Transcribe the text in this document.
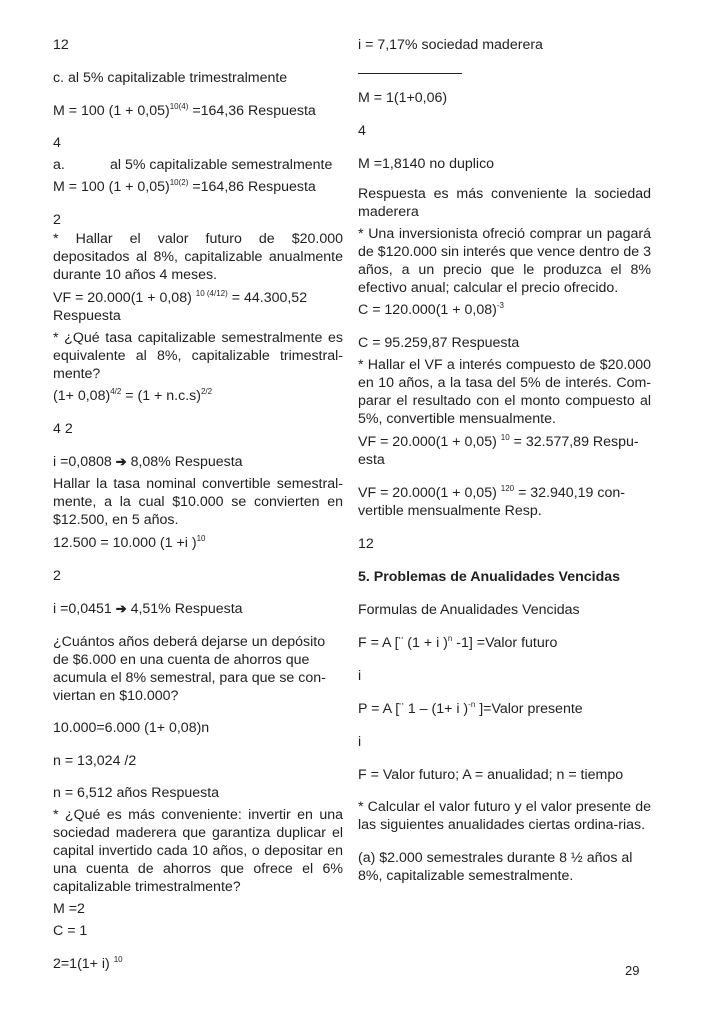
12

c. al 5% capitalizable trimestralmente

M = 100 $(1 + 0,05)^{10(4)} =164,36$ Respuesta

4

a.	al 5% capitalizable semestralmente

M = 100 $(1 + 0,05)^{10(2)} =164,86$ Respuesta

2

* Hallar el valor futuro de $20.000 depositados al 8%, capitalizable anualmente durante 10 años 4 meses.

VF = 20.000(1 + 0,08) $^{10 (4/12)}$ = 44.300,52

Respuesta

* ¿Qué tasa capitalizable semestralmente es equivalente al 8%, capitalizable trimestral-mente?

$(1+ 0,08)^{4/2} = (1 + n.c.s)^{2/2}$

4 2

i =0,0808 ➔ 8,08% Respuesta

Hallar la tasa nominal convertible semestral-mente, a la cual $10.000 se convierten en $12.500, en 5 años.

12.500 = 10.000 (1 +i )$^{10}$

2

i =0,0451 ➔ 4,51% Respuesta

¿Cuántos años deberá dejarse un depósito de $6.000 en una cuenta de ahorros que acumula el 8% semestral, para que se con-viertan en $10.000?

10.000=6.000 (1+ 0,08)n

n = 13,024 /2

n = 6,512 años Respuesta

* ¿Qué es más conveniente: invertir en una sociedad maderera que garantiza duplicar el capital invertido cada 10 años, o depositar en una cuenta de ahorros que ofrece el 6% capitalizable trimestralmente?

M =2

C = 1

2=1(1+ i) $^{10}$

i = 7,17% sociedad maderera

M = 1(1+0,06)

4

M =1,8140 no duplico

Respuesta es más conveniente la sociedad maderera

* Una inversionista ofreció comprar un pagará de $120.000 sin interés que vence dentro de 3 años, a un precio que le produzca el 8% efectivo anual; calcular el precio ofrecido.

$C = 120.000(1 + 0,08)^{-3}$

C = 95.259,87 Respuesta

* Hallar el VF a interés compuesto de $20.000 en 10 años, a la tasa del 5% de interés. Com-parar el resultado con el monto compuesto al 5%, convertible mensualmente.

VF = 20.000(1 + 0,05) $^{10}$ = 32.577,89 Respu-esta

VF = 20.000(1 + 0,05) $^{120}$ = 32.940,19 con-vertible mensualmente Resp.

12

5. Problemas de Anualidades Vencidas

Formulas de Anualidades Vencidas

F = A [¨ (1 + i )$^n$ -1] =Valor futuro

i

P = A [¨ 1 – (1+ i )$^{-n}$ ]=Valor presente

i

F = Valor futuro; A = anualidad; n = tiempo

* Calcular el valor futuro y el valor presente de las siguientes anualidades ciertas ordina-rias.

(a) $2.000 semestrales durante 8 ½ años al 8%, capitalizable semestralmente.

29
